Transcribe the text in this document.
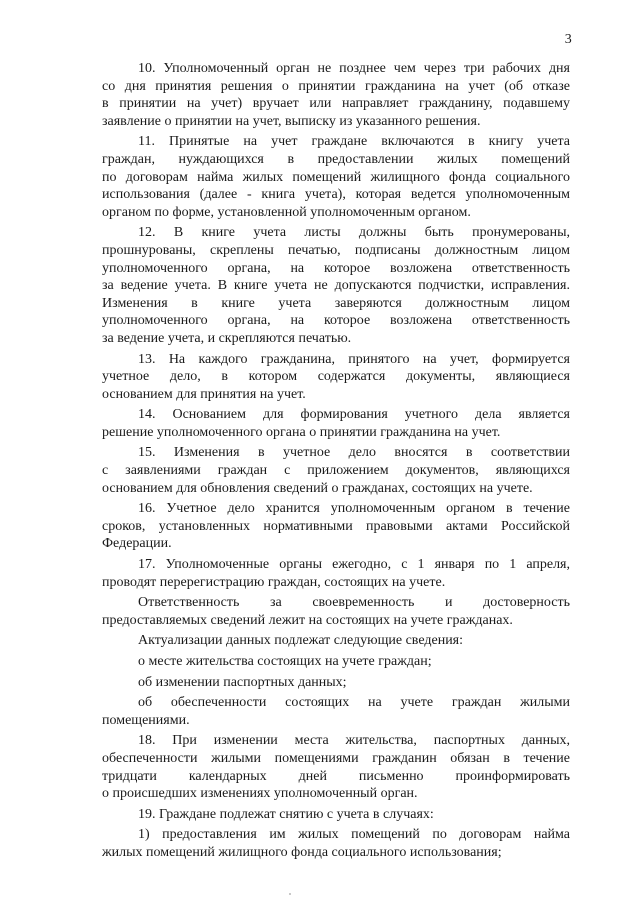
3
10. Уполномоченный орган не позднее чем через три рабочих дня
со дня принятия решения о принятии гражданина на учет (об отказе
в принятии на учет) вручает или направляет гражданину, подавшему
заявление о принятии на учет, выписку из указанного решения.
11. Принятые на учет граждане включаются в книгу учета
граждан, нуждающихся в предоставлении жилых помещений
по договорам найма жилых помещений жилищного фонда социального
использования (далее - книга учета), которая ведется уполномоченным
органом по форме, установленной уполномоченным органом.
12. В книге учета листы должны быть пронумерованы,
прошнурованы, скреплены печатью, подписаны должностным лицом
уполномоченного органа, на которое возложена ответственность
за ведение учета. В книге учета не допускаются подчистки, исправления.
Изменения в книге учета заверяются должностным лицом
уполномоченного органа, на которое возложена ответственность
за ведение учета, и скрепляются печатью.
13. На каждого гражданина, принятого на учет, формируется
учетное дело, в котором содержатся документы, являющиеся
основанием для принятия на учет.
14. Основанием для формирования учетного дела является
решение уполномоченного органа о принятии гражданина на учет.
15. Изменения в учетное дело вносятся в соответствии
с заявлениями граждан с приложением документов, являющихся
основанием для обновления сведений о гражданах, состоящих на учете.
16. Учетное дело хранится уполномоченным органом в течение
сроков, установленных нормативными правовыми актами Российской
Федерации.
17. Уполномоченные органы ежегодно, с 1 января по 1 апреля,
проводят перерегистрацию граждан, состоящих на учете.
Ответственность за своевременность и достоверность
предоставляемых сведений лежит на состоящих на учете гражданах.
Актуализации данных подлежат следующие сведения:
о месте жительства состоящих на учете граждан;
об изменении паспортных данных;
об обеспеченности состоящих на учете граждан жилыми
помещениями.
18. При изменении места жительства, паспортных данных,
обеспеченности жилыми помещениями гражданин обязан в течение
тридцати календарных дней письменно проинформировать
о происшедших изменениях уполномоченный орган.
19. Граждане подлежат снятию с учета в случаях:
1) предоставления им жилых помещений по договорам найма
жилых помещений жилищного фонда социального использования;
